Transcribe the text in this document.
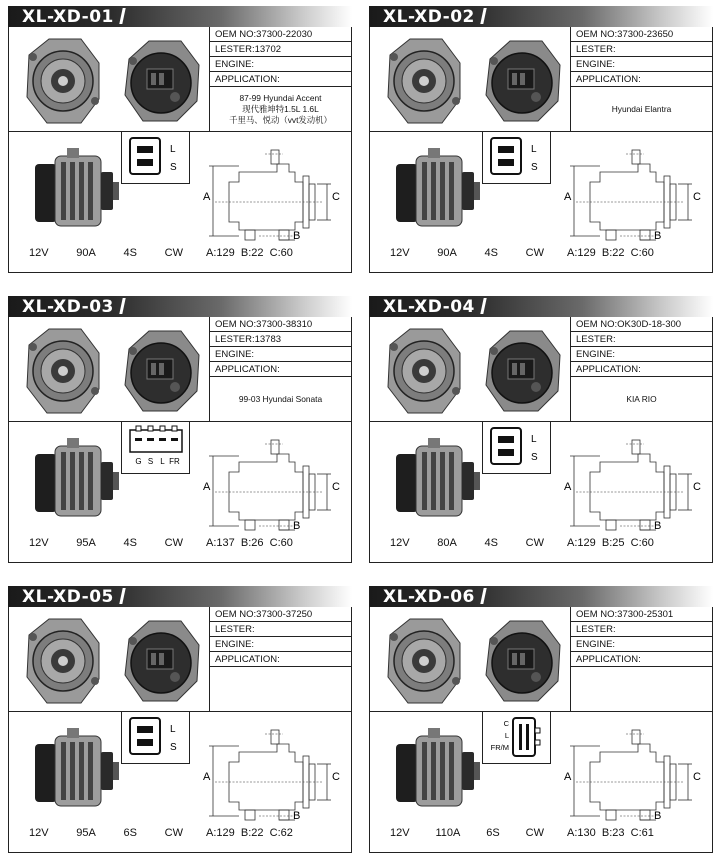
XL-XD-01
OEM NO:37300-22030
LESTER:13702
ENGINE:
APPLICATION:
87-99 Hyundai Accent
现代雅坤特1.5L 1.6L
千里马、悦动（vvt发动机）
L
S
12V	90A	4S	CW
A
B
C
A:129  B:22  C:60
XL-XD-02
OEM NO:37300-23650
LESTER:
ENGINE:
APPLICATION:
Hyundai Elantra
L
S
12V	90A	4S	CW
A
B
C
A:129  B:22  C:60
XL-XD-03
OEM NO:37300-38310
LESTER:13783
ENGINE:
APPLICATION:
99-03 Hyundai Sonata
G S L FR
12V	95A	4S	CW
A
B
C
A:137  B:26  C:60
XL-XD-04
OEM NO:OK30D-18-300
LESTER:
ENGINE:
APPLICATION:
KIA RIO
L
S
12V	80A	4S	CW
A
B
C
A:129  B:25  C:60
XL-XD-05
OEM NO:37300-37250
LESTER:
ENGINE:
APPLICATION:
L
S
12V	95A	6S	CW
A
B
C
A:129  B:22  C:62
XL-XD-06
OEM NO:37300-25301
LESTER:
ENGINE:
APPLICATION:
C
L
FR/M
12V 110A 6S CW
A
B
C
A:130  B:23  C:61
